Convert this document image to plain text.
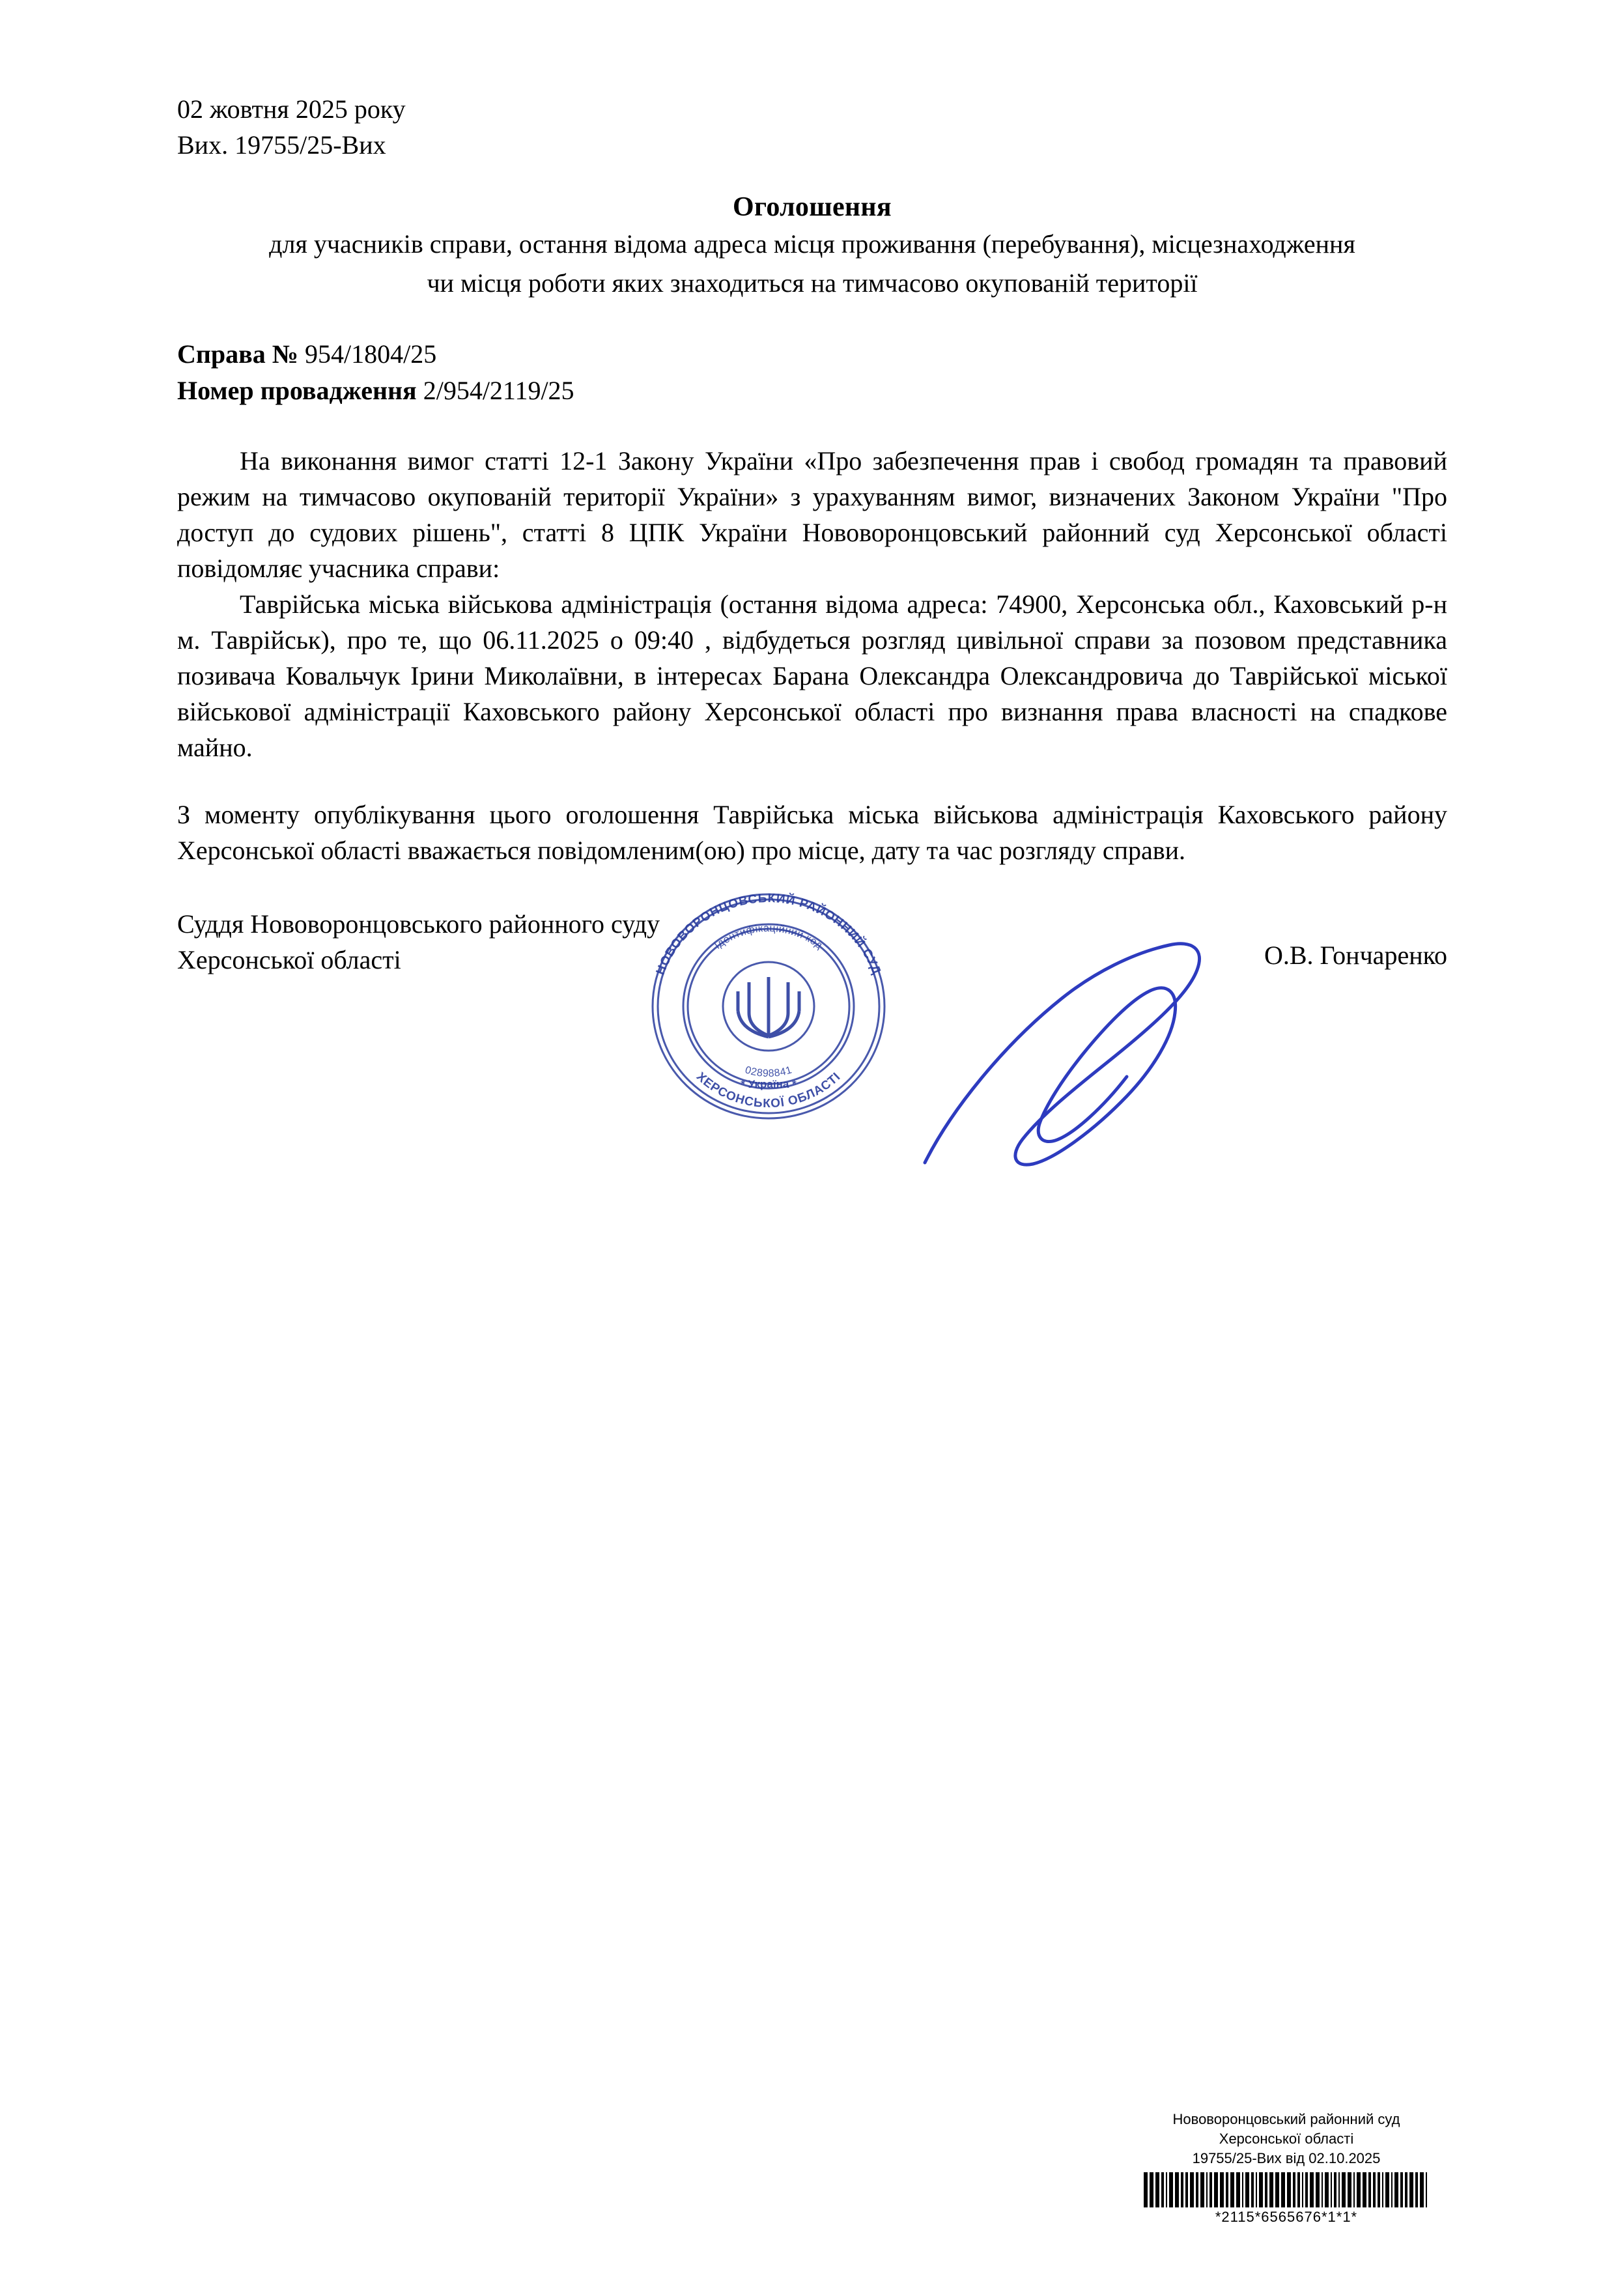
02 жовтня 2025 року
Вих. 19755/25-Вих
Оголошення
для учасників справи, остання відома адреса місця проживання (перебування), місцезнаходження
чи місця роботи яких знаходиться на тимчасово окупованій території
Справа № 954/1804/25
Номер провадження 2/954/2119/25
На виконання вимог статті 12-1 Закону України «Про забезпечення прав і свобод громадян та правовий режим на тимчасово окупованій території України» з урахуванням вимог, визначених Законом України "Про доступ до судових рішень", статті 8 ЦПК України Нововоронцовський районний суд Херсонської області повідомляє учасника справи:
Таврійська міська військова адміністрація (остання відома адреса: 74900, Херсонська обл., Каховський р-н м. Таврійськ), про те, що 06.11.2025 о 09:40 , відбудеться розгляд цивільної справи за позовом представника позивача Ковальчук Ірини Миколаївни, в інтересах Барана Олександра Олександровича до Таврійської міської військової адміністрації Каховського району Херсонської області про визнання права власності на спадкове майно.
З моменту опублікування цього оголошення Таврійська міська військова адміністрація Каховського району Херсонської області вважається повідомленим(ою) про місце, дату та час розгляду справи.
Суддя Нововоронцовського районного суду
Херсонської області	О.В. Гончаренко
НОВОВОРОНЦОВСЬКИЙ РАЙОННИЙ СУД
ХЕРСОНСЬКОЇ ОБЛАСТІ
Ідентифікаційний код
02898841
* Україна *
Нововоронцовський районний суд
Херсонської області
19755/25-Вих від 02.10.2025
*2115*6565676*1*1*
